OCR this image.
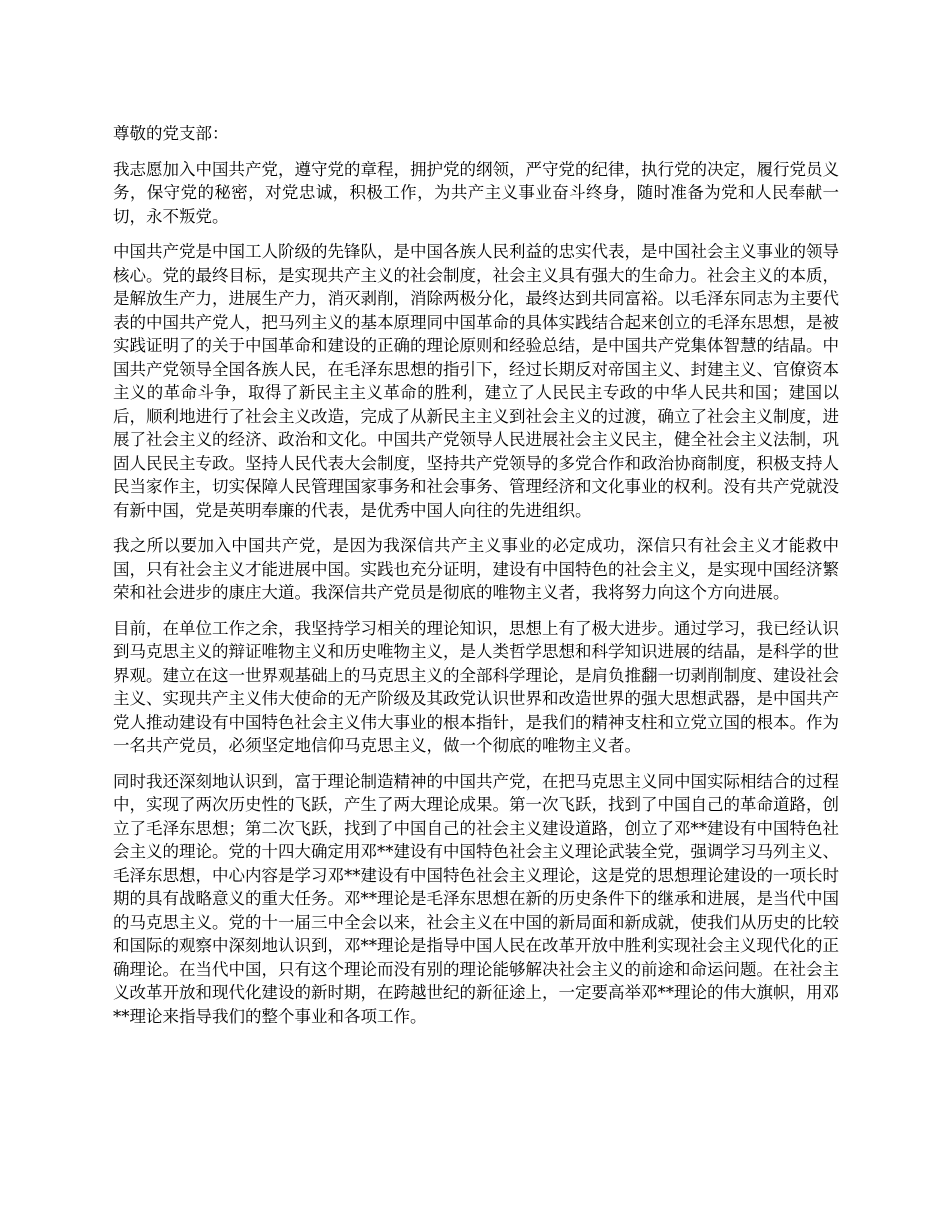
尊敬的党支部：

我志愿加入中国共产党，遵守党的章程，拥护党的纲领，严守党的纪律，执行党的决定，履行党员义务，保守党的秘密，对党忠诚，积极工作，为共产主义事业奋斗终身，随时准备为党和人民奉献一切，永不叛党。

中国共产党是中国工人阶级的先锋队，是中国各族人民利益的忠实代表，是中国社会主义事业的领导核心。党的最终目标，是实现共产主义的社会制度，社会主义具有强大的生命力。社会主义的本质，是解放生产力，进展生产力，消灭剥削，消除两极分化，最终达到共同富裕。以毛泽东同志为主要代表的中国共产党人，把马列主义的基本原理同中国革命的具体实践结合起来创立的毛泽东思想，是被实践证明了的关于中国革命和建设的正确的理论原则和经验总结，是中国共产党集体智慧的结晶。中国共产党领导全国各族人民，在毛泽东思想的指引下，经过长期反对帝国主义、封建主义、官僚资本主义的革命斗争，取得了新民主主义革命的胜利，建立了人民民主专政的中华人民共和国；建国以后，顺利地进行了社会主义改造，完成了从新民主主义到社会主义的过渡，确立了社会主义制度，进展了社会主义的经济、政治和文化。中国共产党领导人民进展社会主义民主，健全社会主义法制，巩固人民民主专政。坚持人民代表大会制度，坚持共产党领导的多党合作和政治协商制度，积极支持人民当家作主，切实保障人民管理国家事务和社会事务、管理经济和文化事业的权利。没有共产党就没有新中国，党是英明奉廉的代表，是优秀中国人向往的先进组织。

我之所以要加入中国共产党，是因为我深信共产主义事业的必定成功，深信只有社会主义才能救中国，只有社会主义才能进展中国。实践也充分证明，建设有中国特色的社会主义，是实现中国经济繁荣和社会进步的康庄大道。我深信共产党员是彻底的唯物主义者，我将努力向这个方向进展。

目前，在单位工作之余，我坚持学习相关的理论知识，思想上有了极大进步。通过学习，我已经认识到马克思主义的辩证唯物主义和历史唯物主义，是人类哲学思想和科学知识进展的结晶，是科学的世界观。建立在这一世界观基础上的马克思主义的全部科学理论，是肩负推翻一切剥削制度、建设社会主义、实现共产主义伟大使命的无产阶级及其政党认识世界和改造世界的强大思想武器，是中国共产党人推动建设有中国特色社会主义伟大事业的根本指针，是我们的精神支柱和立党立国的根本。作为一名共产党员，必须坚定地信仰马克思主义，做一个彻底的唯物主义者。

同时我还深刻地认识到，富于理论制造精神的中国共产党，在把马克思主义同中国实际相结合的过程中，实现了两次历史性的飞跃，产生了两大理论成果。第一次飞跃，找到了中国自己的革命道路，创立了毛泽东思想；第二次飞跃，找到了中国自己的社会主义建设道路，创立了邓**建设有中国特色社会主义的理论。党的十四大确定用邓**建设有中国特色社会主义理论武装全党，强调学习马列主义、毛泽东思想，中心内容是学习邓**建设有中国特色社会主义理论，这是党的思想理论建设的一项长时期的具有战略意义的重大任务。邓**理论是毛泽东思想在新的历史条件下的继承和进展，是当代中国的马克思主义。党的十一届三中全会以来，社会主义在中国的新局面和新成就，使我们从历史的比较和国际的观察中深刻地认识到，邓**理论是指导中国人民在改革开放中胜利实现社会主义现代化的正确理论。在当代中国，只有这个理论而没有别的理论能够解决社会主义的前途和命运问题。在社会主义改革开放和现代化建设的新时期，在跨越世纪的新征途上，一定要高举邓**理论的伟大旗帜，用邓**理论来指导我们的整个事业和各项工作。
